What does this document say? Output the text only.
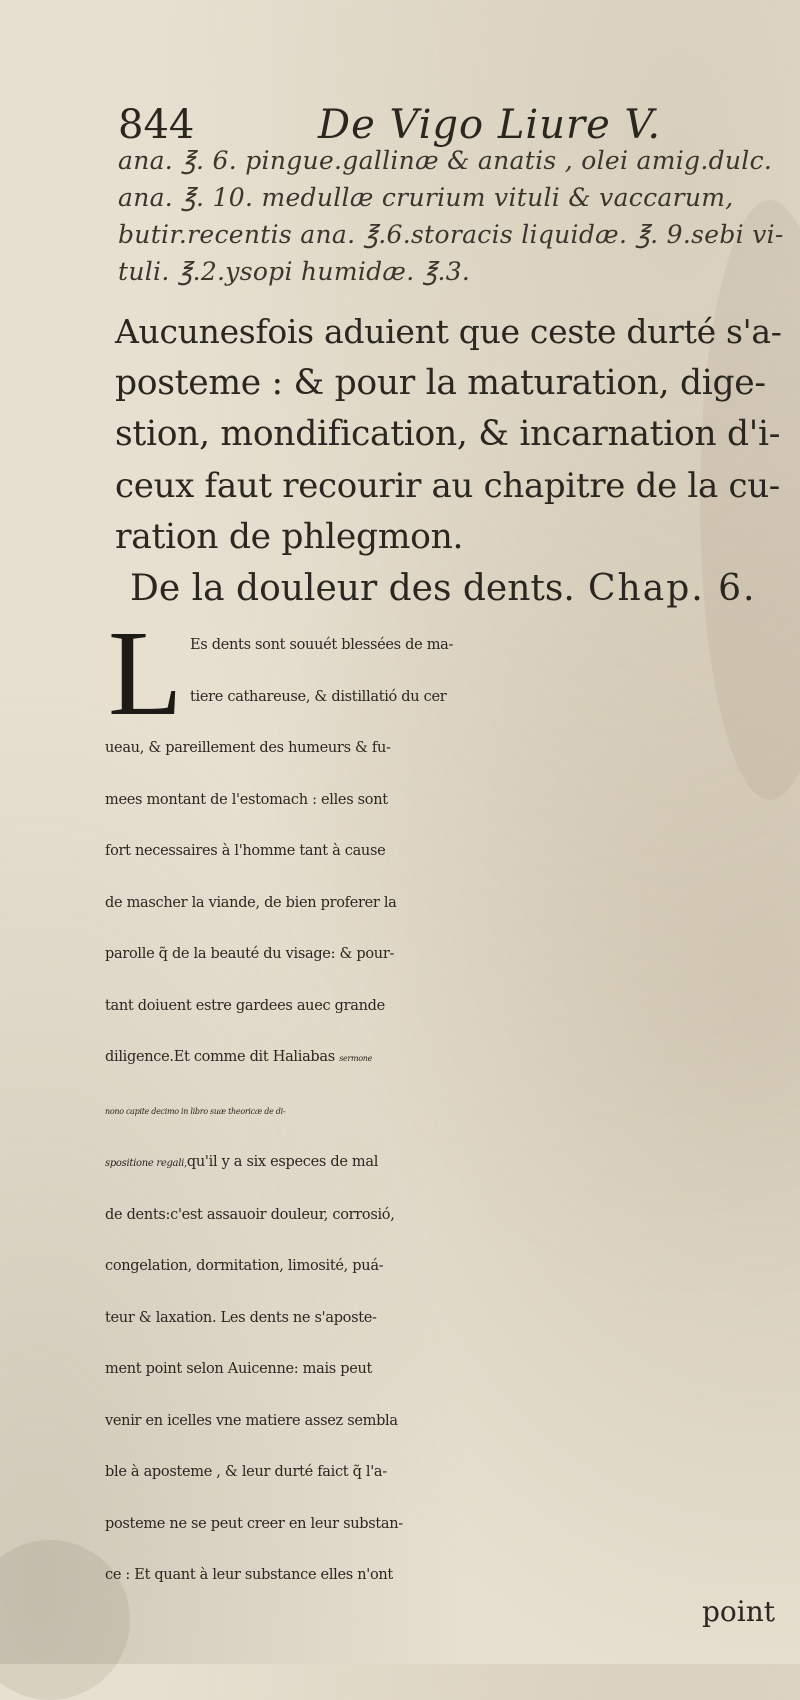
844	De Vigo Liure V.
ana. ℥. 6. pingue.gallinæ & anatis , olei amig.dulc.
ana. ℥. 10. medullæ crurium vituli & vaccarum,
butir.recentis ana. ℥.6.storacis liquidæ. ℥. 9.sebi vi-
tuli. ℥.2.ysopi humidæ. ℥.3.
Aucunesfois aduient que ceste durté s'a-
posteme : & pour la maturation, dige-
stion, mondification, & incarnation d'i-
ceux faut recourir au chapitre de la cu-
ration de phlegmon.
De la douleur des dents. Chap. 6.
L Es dents sont souuét blessées de ma-
tiere cathareuse, & distillatió du cer
ueau, & pareillement des humeurs & fu-
mees montant de l'estomach : elles sont
fort necessaires à l'homme tant à cause
de mascher la viande, de bien proferer la
parolle q̃ de la beauté du visage: & pour-
tant doiuent estre gardees auec grande
diligence.Et comme dit Haliabas sermone
nono capite decimo in libro suæ theoricæ de di-
spositione regali,qu'il y a six especes de mal
de dents:c'est assauoir douleur, corrosió,
congelation, dormitation, limosité, puá-
teur & laxation. Les dents ne s'aposte-
ment point selon Auicenne: mais peut
venir en icelles vne matiere assez sembla
ble à aposteme , & leur durté faict q̃ l'a-
posteme ne se peut creer en leur substan-
ce : Et quant à leur substance elles n'ont
point
